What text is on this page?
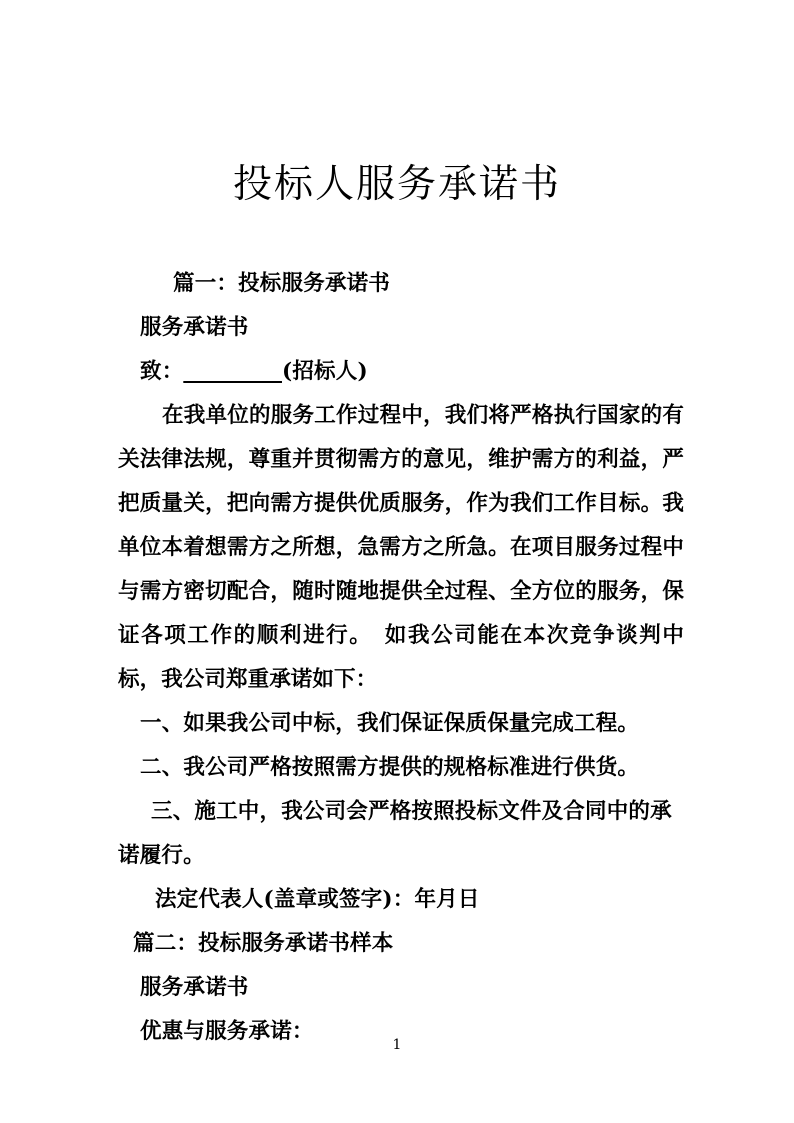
投标人服务承诺书
篇一：投标服务承诺书
服务承诺书
致：_________(招标人)
在我单位的服务工作过程中，我们将严格执行国家的有关法律法规，尊重并贯彻需方的意见，维护需方的利益，严把质量关，把向需方提供优质服务，作为我们工作目标。我单位本着想需方之所想，急需方之所急。在项目服务过程中与需方密切配合，随时随地提供全过程、全方位的服务，保证各项工作的顺利进行。　如我公司能在本次竞争谈判中标，我公司郑重承诺如下：
一、如果我公司中标，我们保证保质保量完成工程。
二、我公司严格按照需方提供的规格标准进行供货。
三、施工中，我公司会严格按照投标文件及合同中的承诺履行。
法定代表人(盖章或签字)：年月日
篇二：投标服务承诺书样本
服务承诺书
优惠与服务承诺：
1
